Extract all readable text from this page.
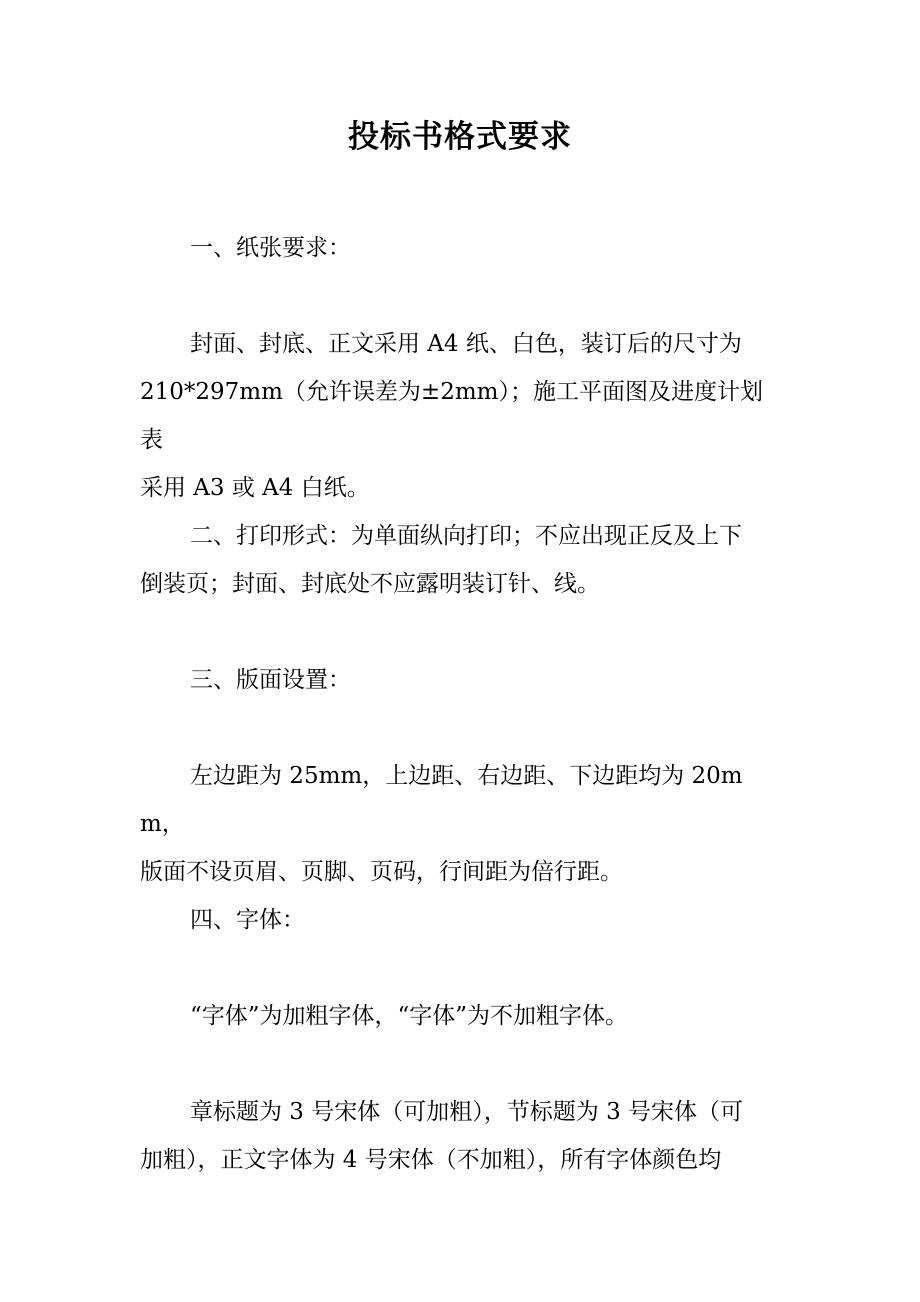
投标书格式要求
一、纸张要求：
封面、封底、正文采用 A4 纸、白色，装订后的尺寸为
210*297mm（允许误差为±2mm）；施工平面图及进度计划表
采用 A3 或 A4 白纸。
二、打印形式：为单面纵向打印；不应出现正反及上下
倒装页；封面、封底处不应露明装订针、线。
三、版面设置：
左边距为 25mm，上边距、右边距、下边距均为 20mm，
版面不设页眉、页脚、页码，行间距为倍行距。
四、字体：
“字体”为加粗字体，“字体”为不加粗字体。
章标题为 3 号宋体（可加粗），节标题为 3 号宋体（可
加粗），正文字体为 4 号宋体（不加粗），所有字体颜色均
